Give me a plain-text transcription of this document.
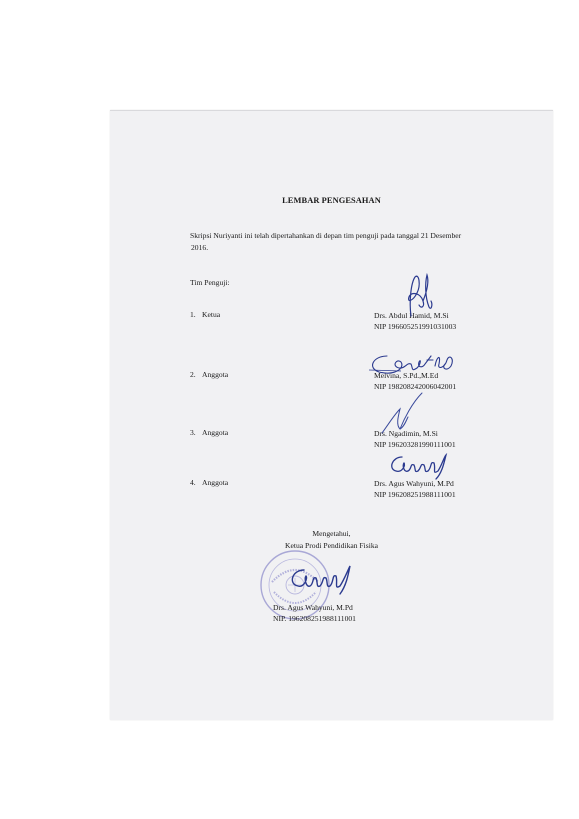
LEMBAR PENGESAHAN
Skripsi Nuriyanti ini telah dipertahankan di depan tim penguji pada tanggal 21 Desember
2016.
Tim Penguji:
1. Ketua	Drs. Abdul Hamid, M.Si
NIP 196605251991031003
2. Anggota	Melvina, S.Pd.,M.Ed
NIP 198208242006042001
3. Anggota	Drs. Ngadimin, M.Si
NIP 196203281990111001
4. Anggota	Drs. Agus Wahyuni, M.Pd
NIP 196208251988111001
Mengetahui,
Ketua Prodi Pendidikan Fisika
Drs. Agus Wahyuni, M.Pd
NIP. 196208251988111001
